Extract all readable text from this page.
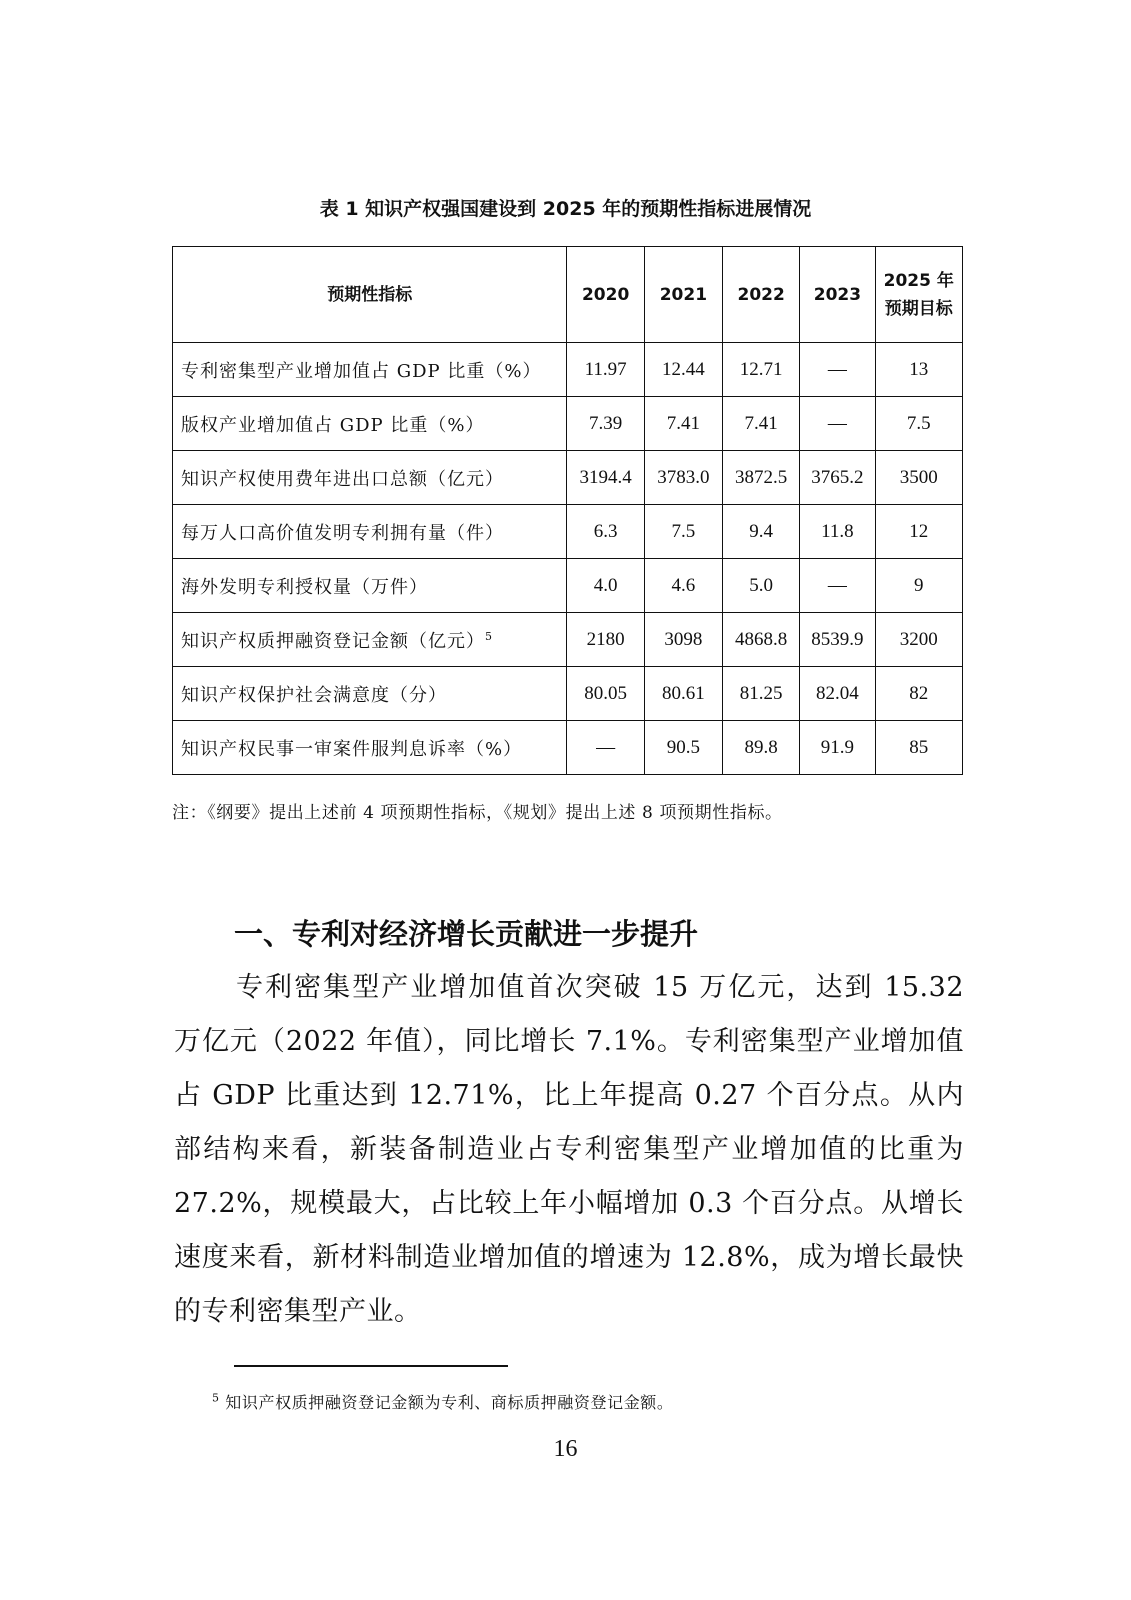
表 1 知识产权强国建设到 2025 年的预期性指标进展情况
预期性指标	2020	2021	2022	2023	2025 年预期目标
专利密集型产业增加值占 GDP 比重（%）	11.97	12.44	12.71	—	13
版权产业增加值占 GDP 比重（%）	7.39	7.41	7.41	—	7.5
知识产权使用费年进出口总额（亿元）	3194.4	3783.0	3872.5	3765.2	3500
每万人口高价值发明专利拥有量（件）	6.3	7.5	9.4	11.8	12
海外发明专利授权量（万件）	4.0	4.6	5.0	—	9
知识产权质押融资登记金额（亿元）$^5$	2180	3098	4868.8	8539.9	3200
知识产权保护社会满意度（分）	80.05	80.61	81.25	82.04	82
知识产权民事一审案件服判息诉率（%）	—	90.5	89.8	91.9	85
注：《纲要》提出上述前 4 项预期性指标，《规划》提出上述 8 项预期性指标。
一、专利对经济增长贡献进一步提升
专利密集型产业增加值首次突破 15 万亿元，达到 15.32 万亿元（2022 年值），同比增长 7.1%。专利密集型产业增加值占 GDP 比重达到 12.71%，比上年提高 0.27 个百分点。从内部结构来看，新装备制造业占专利密集型产业增加值的比重为 27.2%，规模最大，占比较上年小幅增加 0.3 个百分点。从增长速度来看，新材料制造业增加值的增速为 12.8%，成为增长最快的专利密集型产业。
$^5$ 知识产权质押融资登记金额为专利、商标质押融资登记金额。
16
